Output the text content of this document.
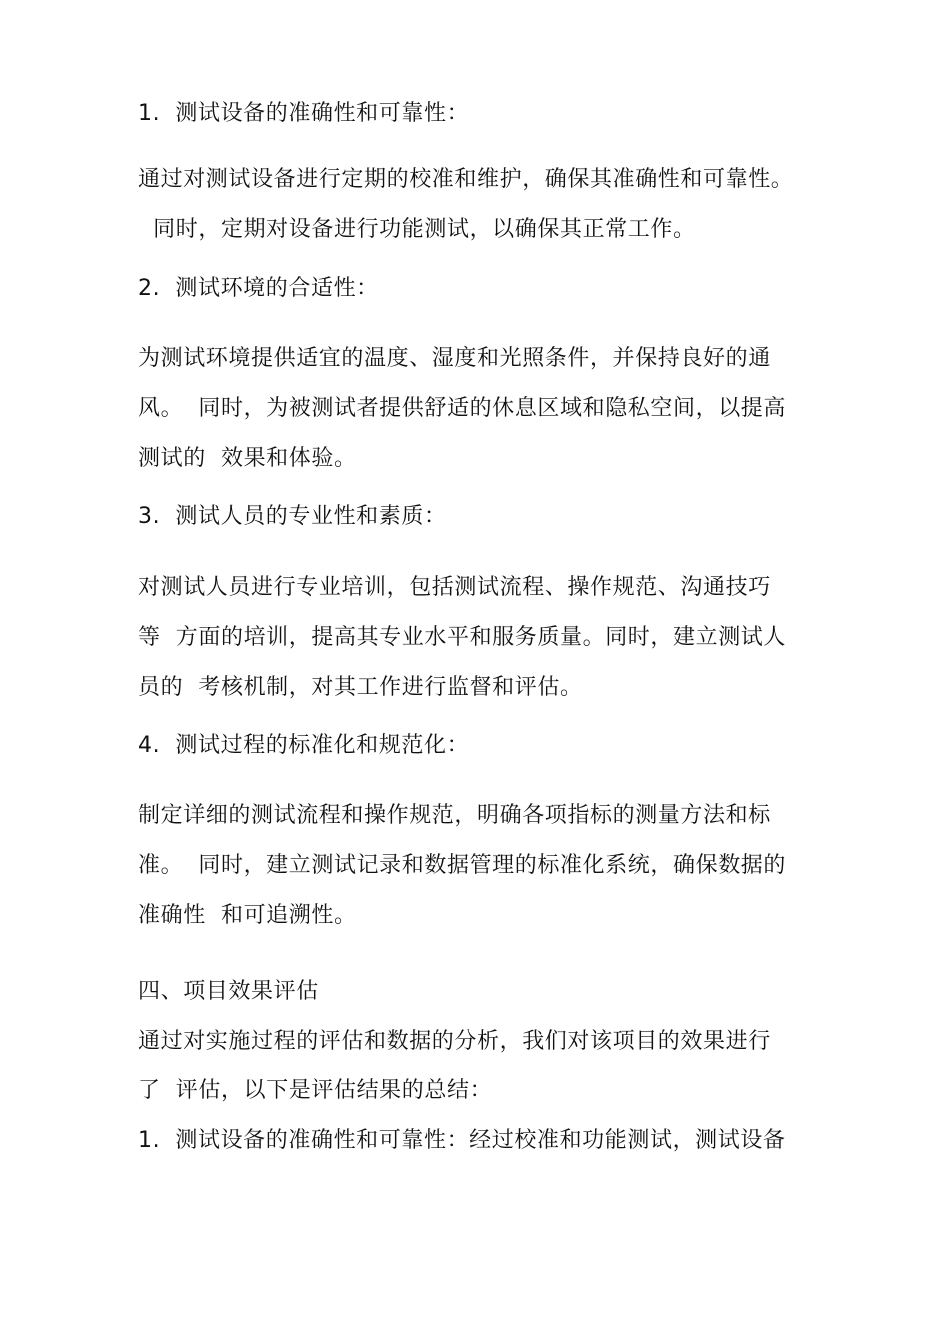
1.  测试设备的准确性和可靠性：
通过对测试设备进行定期的校准和维护，确保其准确性和可靠性。
同时，定期对设备进行功能测试，以确保其正常工作。
2.  测试环境的合适性：
为测试环境提供适宜的温度、湿度和光照条件，并保持良好的通
风。  同时，为被测试者提供舒适的休息区域和隐私空间，以提高
测试的  效果和体验。
3.  测试人员的专业性和素质：
对测试人员进行专业培训，包括测试流程、操作规范、沟通技巧
等  方面的培训，提高其专业水平和服务质量。同时，建立测试人
员的  考核机制，对其工作进行监督和评估。
4.  测试过程的标准化和规范化：
制定详细的测试流程和操作规范，明确各项指标的测量方法和标
准。  同时，建立测试记录和数据管理的标准化系统，确保数据的
准确性  和可追溯性。
四、项目效果评估
通过对实施过程的评估和数据的分析，我们对该项目的效果进行
了  评估，以下是评估结果的总结：
1.  测试设备的准确性和可靠性：经过校准和功能测试，测试设备
